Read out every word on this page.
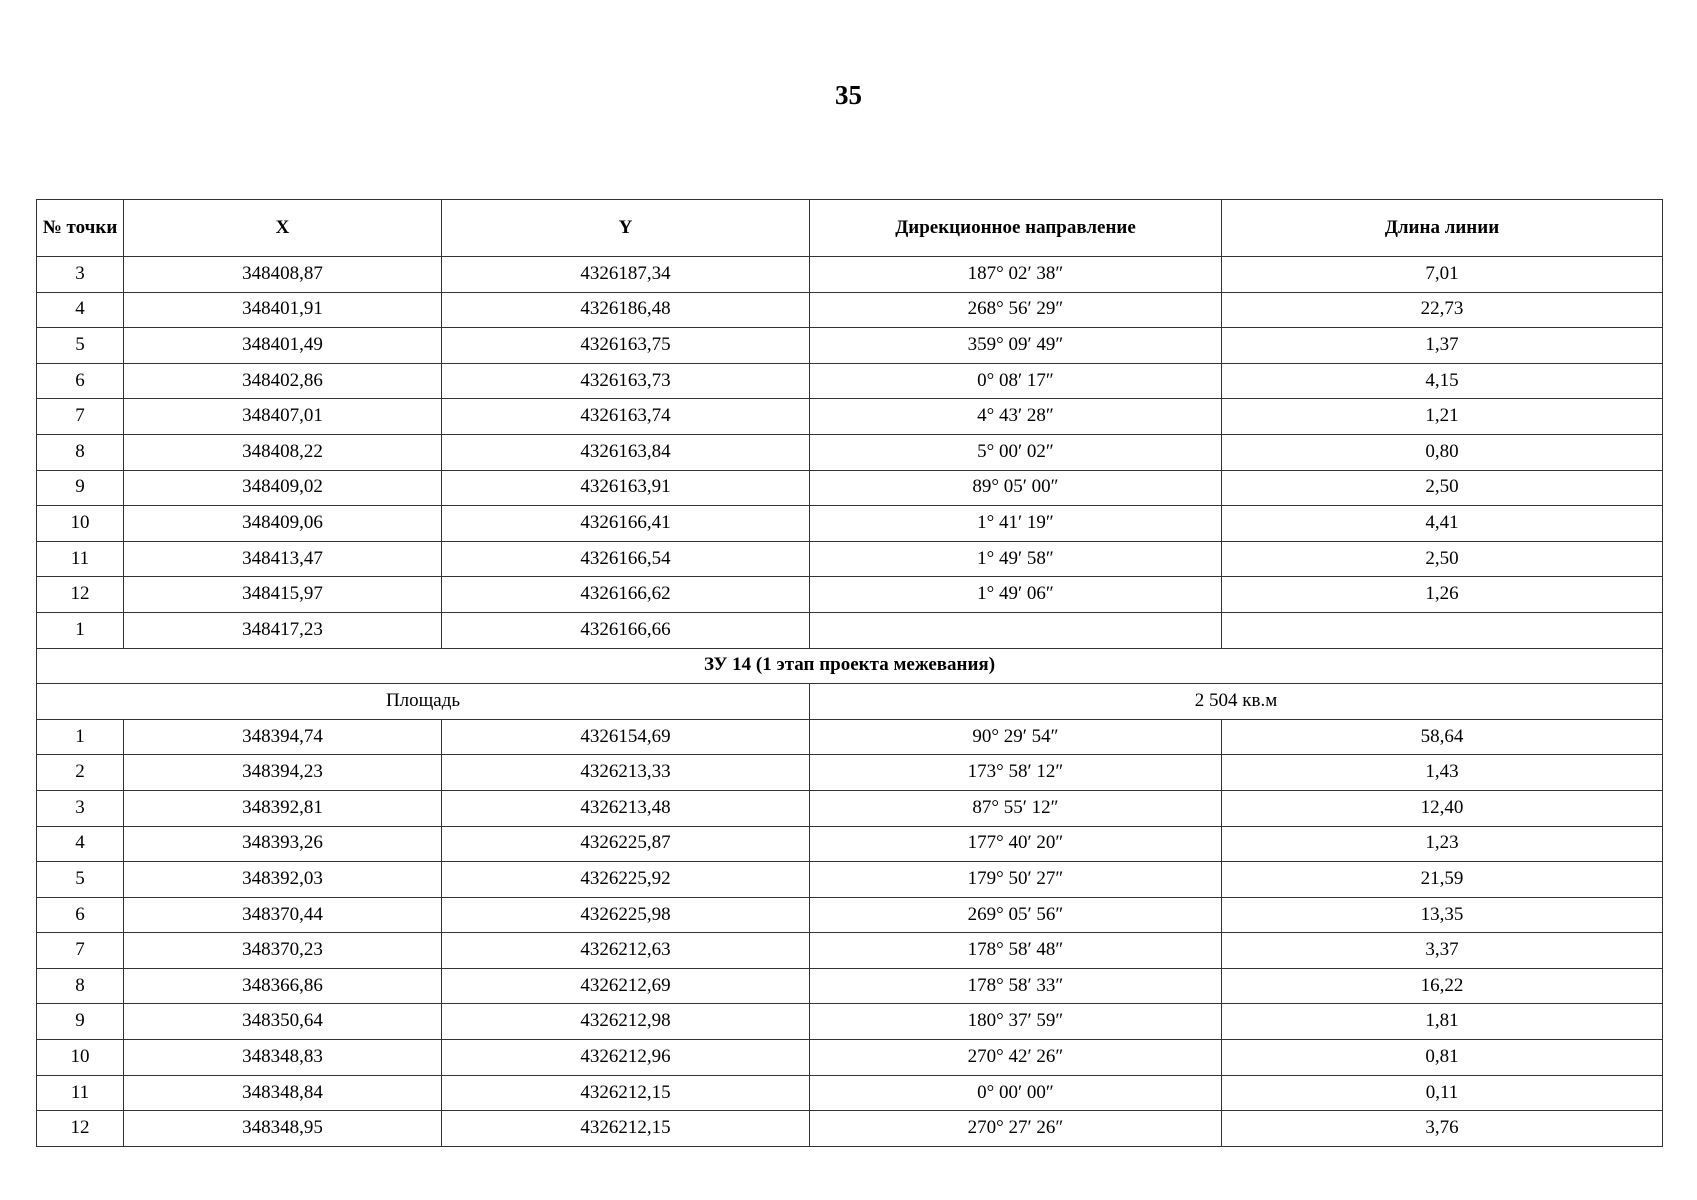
35
№ точки	X	Y	Дирекционное направление	Длина линии
3	348408,87	4326187,34	187° 02′ 38″	7,01
4	348401,91	4326186,48	268° 56′ 29″	22,73
5	348401,49	4326163,75	359° 09′ 49″	1,37
6	348402,86	4326163,73	0° 08′ 17″	4,15
7	348407,01	4326163,74	4° 43′ 28″	1,21
8	348408,22	4326163,84	5° 00′ 02″	0,80
9	348409,02	4326163,91	89° 05′ 00″	2,50
10	348409,06	4326166,41	1° 41′ 19″	4,41
11	348413,47	4326166,54	1° 49′ 58″	2,50
12	348415,97	4326166,62	1° 49′ 06″	1,26
1	348417,23	4326166,66		
ЗУ 14 (1 этап проекта межевания)				
Площадь			2 504 кв.м	
1	348394,74	4326154,69	90° 29′ 54″	58,64
2	348394,23	4326213,33	173° 58′ 12″	1,43
3	348392,81	4326213,48	87° 55′ 12″	12,40
4	348393,26	4326225,87	177° 40′ 20″	1,23
5	348392,03	4326225,92	179° 50′ 27″	21,59
6	348370,44	4326225,98	269° 05′ 56″	13,35
7	348370,23	4326212,63	178° 58′ 48″	3,37
8	348366,86	4326212,69	178° 58′ 33″	16,22
9	348350,64	4326212,98	180° 37′ 59″	1,81
10	348348,83	4326212,96	270° 42′ 26″	0,81
11	348348,84	4326212,15	0° 00′ 00″	0,11
12	348348,95	4326212,15	270° 27′ 26″	3,76
